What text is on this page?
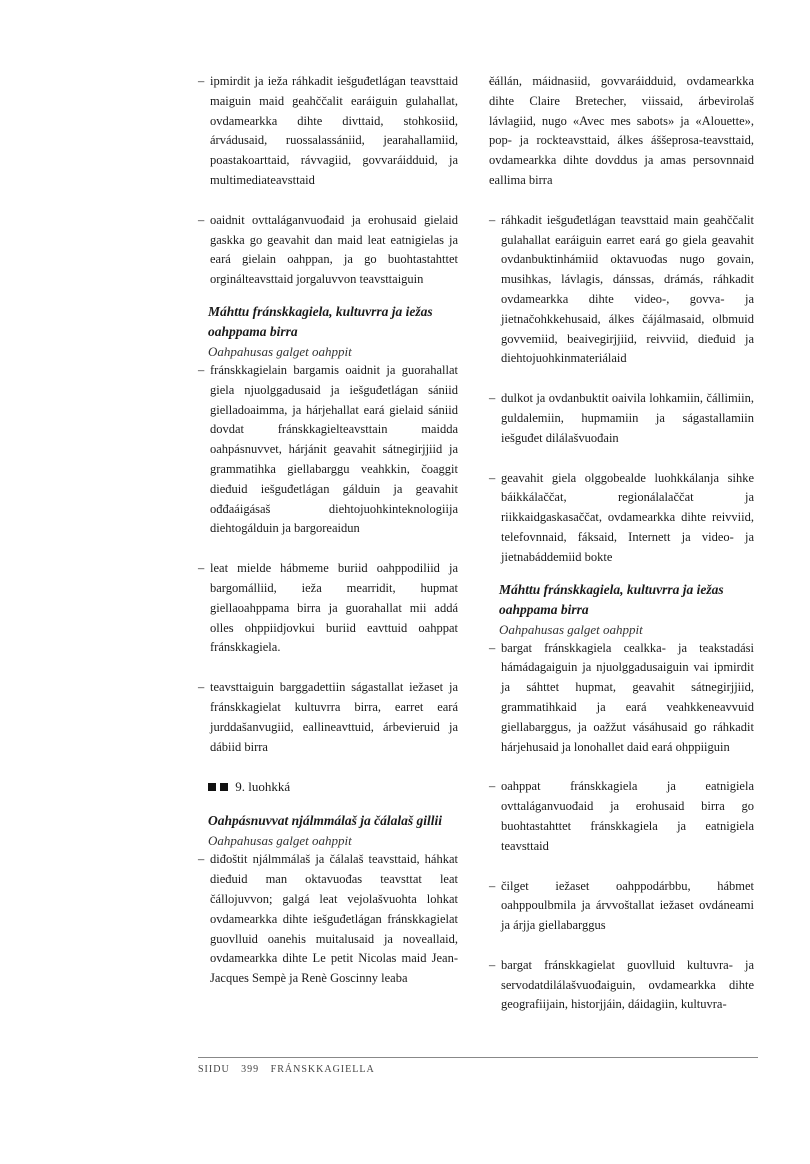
– ipmirdit ja ieža ráhkadit iešguđetlágan teavsttaid maiguin maid geahččalit earáiguin gulahallat, ovdamearkka dihte divttaid, stohkosiid, árvádusaid, ruossalassániid, jearahallamiid, poastakoarttaid, rávvagiid, govvaráidduid, ja multimediateavsttaid
– oaidnit ovttaláganvuođaid ja erohusaid gielaid gaskka go geavahit dan maid leat eatnigielas ja eará gielain oahppan, ja go buohtastahttet orginálteavsttaid jorgaluvvon teavsttaiguin
Máhttu fránskkagiela, kultuvrra ja iežas oahppama birra
Oahpahusas galget oahppit
– fránskkagielain bargamis oaidnit ja guorahallat giela njuolggadusaid ja iešguđetlágan sániid gielladoaimma, ja hárjehallat eará gielaid sániid dovdat fránskkagielteavsttain maidda oahpásnuvvet, hárjánit geavahit sátnegirjjiid ja grammatihka giellabarggu veahkkin, čoaggit dieđuid iešguđetlágan gálduin ja geavahit ođđaáigásaš diehtojuohkinteknologiija diehtogálduin ja bargoreaidun
– leat mielde hábmeme buriid oahppodiliid ja bargomálliid, ieža mearridit, hupmat giellaoahppama birra ja guorahallat mii addá olles ohppiidjovkui buriid eavttuid oahppat fránskkagiela.
– teavsttaiguin barggadettiin ságastallat iežaset ja fránskkagielat kultuvrra birra, earret eará jurddašanvugiid, eallineavttuid, árbevieruid ja dábiid birra
9. luohkká
Oahpásnuvvat njálmmálaš ja čálalaš gillii
Oahpahusas galget oahppit
– diđoštit njálmmálaš ja čálalaš teavsttaid, háhkat dieđuid man oktavuođas teavsttat leat čállojuvvon; galgá leat vejolašvuohta lohkat ovdamearkka dihte iešguđetlágan fránskkagielat guovlluid oanehis muitalusaid ja noveallaid, ovdamearkka dihte Le petit Nicolas maid Jean-Jacques Sempè ja Renè Goscinny leaba
– čállán, máidnasiid, govvaráidduid, ovdamearkka dihte Claire Bretecher, viissaid, árbevirolaš lávlagiid, nugo «Avec mes sabots» ja «Alouette», pop- ja rockteavsttaid, álkes áššeprosa-teavsttaid, ovdamearkka dihte dovddus ja amas persovnnaid eallima birra
– ráhkadit iešguđetlágan teavsttaid main geahččalit gulahallat earáiguin earret eará go giela geavahit ovdanbuktinhámiid oktavuođas nugo govain, musihkas, lávlagis, dánssas, drámás, ráhkadit ovdamearkka dihte video-, govva- ja jietnačohkkehusaid, álkes čájálmasaid, olbmuid govvemiid, beaivegirjjiid, reivviid, dieđuid ja diehtojuohkinmateriálaid
– dulkot ja ovdanbuktit oaivila lohkamiin, čállimiin, guldalemiin, hupmamiin ja ságastallamiin iešguđet dilálašvuođain
– geavahit giela olggobealde luohkkálanja sihke báikkálaččat, regionálalaččat ja riikkaidgaskasaččat, ovdamearkka dihte reivviid, telefovnnaid, fáksaid, Internett ja video- ja jietnabáddemiid bokte
Máhttu fránskkagiela, kultuvrra ja iežas oahppama birra
Oahpahusas galget oahppit
– bargat fránskkagiela cealkka- ja teakstadási hámádagaiguin ja njuolggadusaiguin vai ipmirdit ja sáhttet hupmat, geavahit sátnegirjjiid, grammatihkaid ja eará veahkkeneavvuid giellabarggus, ja oažžut vásáhusaid go ráhkadit hárjehusaid ja lonohallet daid eará ohppiiguin
– oahppat fránskkagiela ja eatnigiela ovttaláganvuođaid ja erohusaid birra go buohtastahttet fránskkagiela ja eatnigiela teavsttaid
– čilget iežaset oahppodárbbu, hábmet oahppoulbmila ja árvvoštallat iežaset ovdáneami ja árjja giellabarggus
– bargat fránskkagielat guovlluid kultuvra- ja servodatdilálašvuođaiguin, ovdamearkka dihte geografiijain, historjjáin, dáidagiin, kultuvra-
SIIDU 399 FRÁNSKKAGIELLA
